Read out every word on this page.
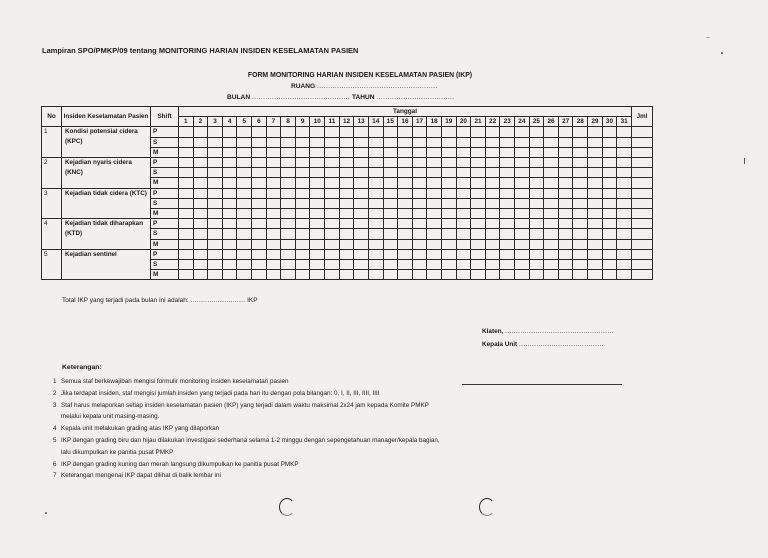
Lampiran SPO/PMKP/09 tentang MONITORING HARIAN INSIDEN KESELAMATAN PASIEN
FORM MONITORING HARIAN INSIDEN KESELAMATAN PASIEN (IKP)
RUANG ......................................................
BULAN ............................................ TAHUN ...................................
No	Insiden Keselamatan Pasien	Shift	Tanggal																															Jml
			1	2	3	4	5	6	7	8	9	10	11	12	13	14	15	16	17	18	19	20	21	22	23	24	25	26	27	28	29	30	31	
1	Kondisi potensial cidera (KPC)	P																																
		S																																
		M																																
2	Kejadian nyaris cidera (KNC)	P																																
		S																																
		M																																
3	Kejadian tidak cidera (KTC)	P																																
		S																																
		M																																
4	Kejadian tidak diharapkan (KTD)	P																																
		S																																
		M																																
5	Kejadian sentinel	P																																
		S																																
		M																																
Total IKP yang terjadi pada bulan ini adalah: .......................... IKP
Klaten, ..................................................
Kepala Unit .......................................
Keterangan:
1 Semua staf berkewajiban mengisi formulir monitoring insiden keselamatan pasien
2 Jika terdapat insiden, staf mengisi jumlah insiden yang terjadi pada hari itu dengan pola bilangan: 0, I, II, III, IIII, IIII
3 Staf harus melaporkan setiap insiden keselamatan pasien (IKP) yang terjadi dalam waktu maksimal 2x24 jam kepada Komite PMKP
melalui kepala unit masing-masing.
4 Kepala unit melakukan grading atas IKP yang dilaporkan
5 IKP dengan grading biru dan hijau dilakukan investigasi sederhana selama 1-2 minggu dengan sepengetahuan manager/kepala bagian,
lalu dikumpulkan ke panitia pusat PMKP
6 IKP dengan grading kuning dan merah langsung dikumpulkan ke panitia pusat PMKP
7 Keterangan mengenai IKP dapat dilihat di balik lembar ini
